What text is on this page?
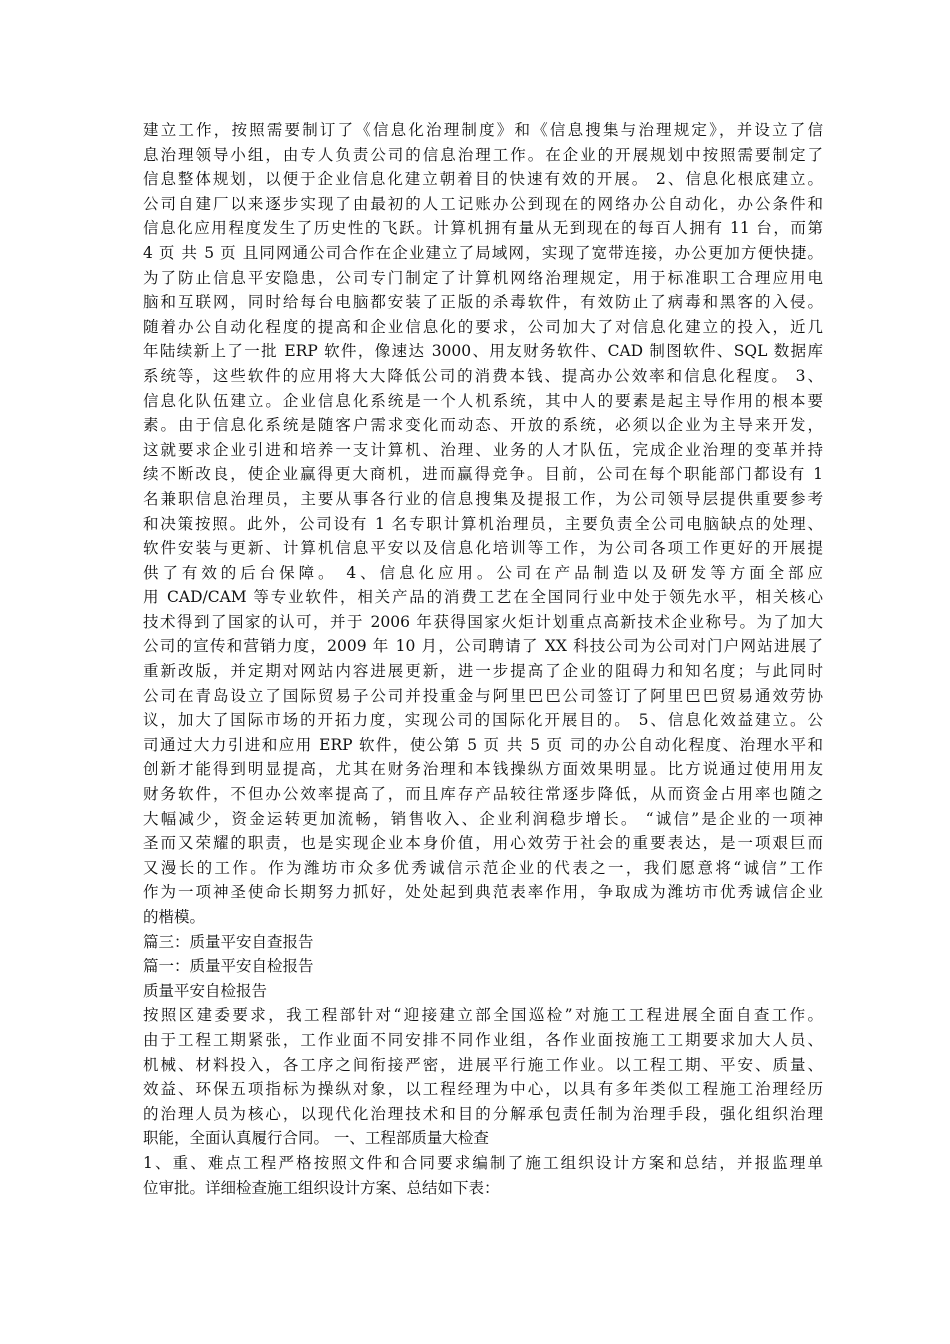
建立工作，按照需要制订了《信息化治理制度》和《信息搜集与治理规定》，并设立了信
息治理领导小组，由专人负责公司的信息治理工作。在企业的开展规划中按照需要制定了
信息整体规划，以便于企业信息化建立朝着目的快速有效的开展。 2、信息化根底建立。
公司自建厂以来逐步实现了由最初的人工记账办公到现在的网络办公自动化，办公条件和
信息化应用程度发生了历史性的飞跃。计算机拥有量从无到现在的每百人拥有 11 台，而第
4 页 共 5 页 且同网通公司合作在企业建立了局域网，实现了宽带连接，办公更加方便快捷。
为了防止信息平安隐患，公司专门制定了计算机网络治理规定，用于标准职工合理应用电
脑和互联网，同时给每台电脑都安装了正版的杀毒软件，有效防止了病毒和黑客的入侵。
随着办公自动化程度的提高和企业信息化的要求，公司加大了对信息化建立的投入，近几
年陆续新上了一批 ERP 软件，像速达 3000、用友财务软件、CAD 制图软件、SQL 数据库
系统等，这些软件的应用将大大降低公司的消费本钱、提高办公效率和信息化程度。 3、
信息化队伍建立。企业信息化系统是一个人机系统，其中人的要素是起主导作用的根本要
素。由于信息化系统是随客户需求变化而动态、开放的系统，必须以企业为主导来开发，
这就要求企业引进和培养一支计算机、治理、业务的人才队伍，完成企业治理的变革并持
续不断改良，使企业赢得更大商机，进而赢得竞争。目前，公司在每个职能部门都设有 1
名兼职信息治理员，主要从事各行业的信息搜集及提报工作，为公司领导层提供重要参考
和决策按照。此外，公司设有 1 名专职计算机治理员，主要负责全公司电脑缺点的处理、
软件安装与更新、计算机信息平安以及信息化培训等工作，为公司各项工作更好的开展提
供了有效的后台保障。 4、信息化应用。公司在产品制造以及研发等方面全部应
用 CAD/CAM 等专业软件，相关产品的消费工艺在全国同行业中处于领先水平，相关核心
技术得到了国家的认可，并于 2006 年获得国家火炬计划重点高新技术企业称号。为了加大
公司的宣传和营销力度，2009 年 10 月，公司聘请了 XX 科技公司为公司对门户网站进展了
重新改版，并定期对网站内容进展更新，进一步提高了企业的阻碍力和知名度；与此同时
公司在青岛设立了国际贸易子公司并投重金与阿里巴巴公司签订了阿里巴巴贸易通效劳协
议，加大了国际市场的开拓力度，实现公司的国际化开展目的。 5、信息化效益建立。公
司通过大力引进和应用 ERP 软件，使公第 5 页 共 5 页 司的办公自动化程度、治理水平和
创新才能得到明显提高，尤其在财务治理和本钱操纵方面效果明显。比方说通过使用用友
财务软件，不但办公效率提高了，而且库存产品较往常逐步降低，从而资金占用率也随之
大幅减少，资金运转更加流畅，销售收入、企业利润稳步增长。 “诚信”是企业的一项神
圣而又荣耀的职责，也是实现企业本身价值，用心效劳于社会的重要表达，是一项艰巨而
又漫长的工作。作为潍坊市众多优秀诚信示范企业的代表之一，我们愿意将“诚信”工作
作为一项神圣使命长期努力抓好，处处起到典范表率作用，争取成为潍坊市优秀诚信企业
的楷模。
篇三：质量平安自查报告
篇一：质量平安自检报告
质量平安自检报告
按照区建委要求，我工程部针对“迎接建立部全国巡检”对施工工程进展全面自查工作。
由于工程工期紧张，工作业面不同安排不同作业组，各作业面按施工工期要求加大人员、
机械、材料投入，各工序之间衔接严密，进展平行施工作业。以工程工期、平安、质量、
效益、环保五项指标为操纵对象，以工程经理为中心，以具有多年类似工程施工治理经历
的治理人员为核心，以现代化治理技术和目的分解承包责任制为治理手段，强化组织治理
职能，全面认真履行合同。 一、工程部质量大检查
1、重、难点工程严格按照文件和合同要求编制了施工组织设计方案和总结，并报监理单
位审批。详细检查施工组织设计方案、总结如下表：
